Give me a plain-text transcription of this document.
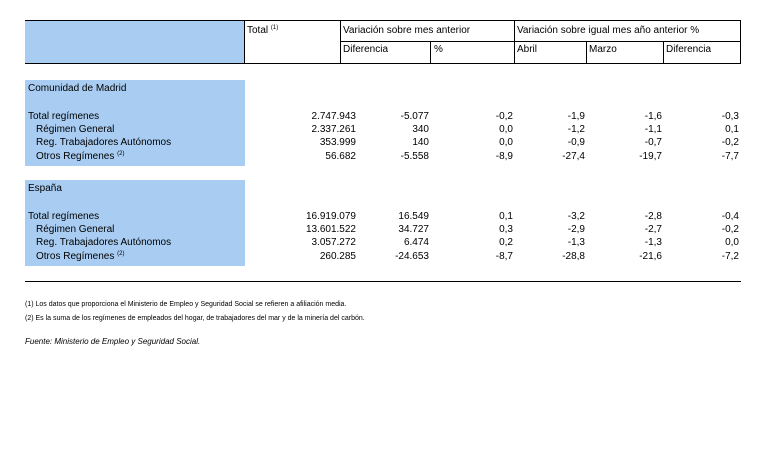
Total $^{(1)}$	Variación sobre mes anterior	Variación sobre igual mes año anterior %
Diferencia	%	Abril	Marzo	Diferencia
Comunidad de Madrid
Total regímenes	2.747.943	-5.077	-0,2	-1,9	-1,6	-0,3
Régimen General	2.337.261	340	0,0	-1,2	-1,1	0,1
Reg. Trabajadores Autónomos	353.999	140	0,0	-0,9	-0,7	-0,2
Otros Regímenes $^{(2)}$	56.682	-5.558	-8,9	-27,4	-19,7	-7,7
España
Total regímenes	16.919.079	16.549	0,1	-3,2	-2,8	-0,4
Régimen General	13.601.522	34.727	0,3	-2,9	-2,7	-0,2
Reg. Trabajadores Autónomos	3.057.272	6.474	0,2	-1,3	-1,3	0,0
Otros Regímenes $^{(2)}$	260.285	-24.653	-8,7	-28,8	-21,6	-7,2
(1) Los datos que proporciona el Ministerio de Empleo y Seguridad Social se refieren a afiliación media.
(2) Es la suma de los regímenes de empleados del hogar, de trabajadores del mar y de la minería del carbón.
Fuente: Ministerio de Empleo y Seguridad Social.
